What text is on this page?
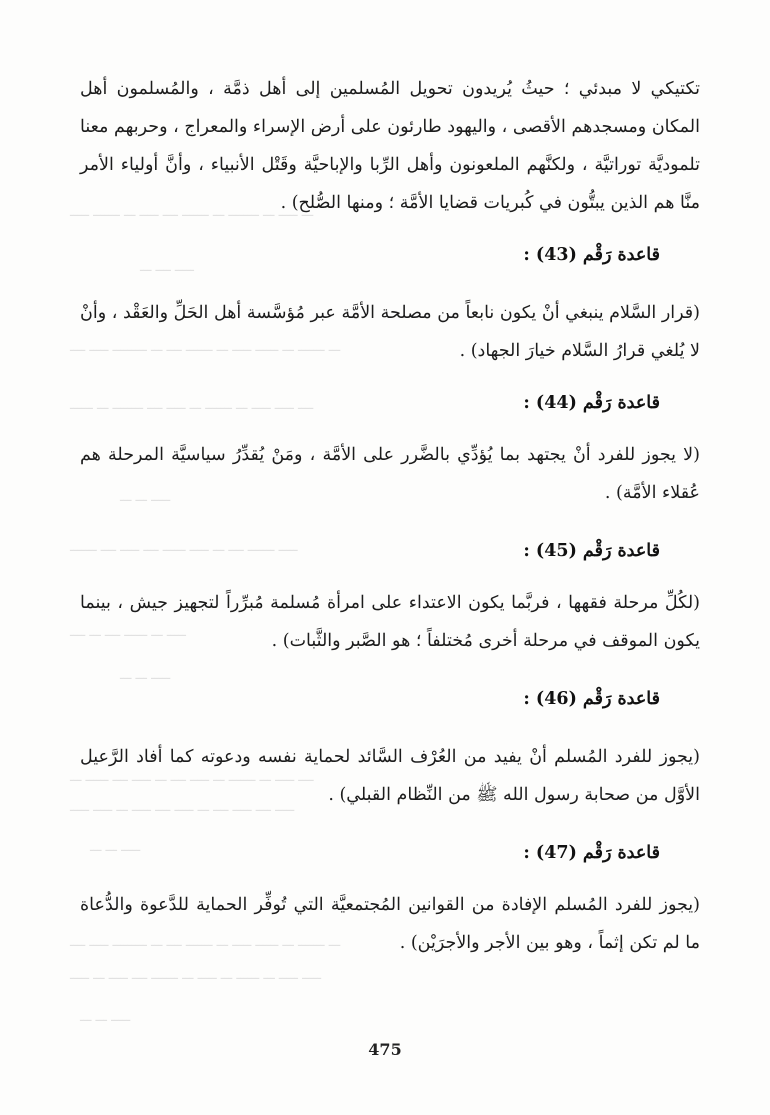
ـــ ـــــ ـــ ــــــــ ـــ ـــــــ ــــ ـــــ ـــ ـــــــ ـــــ
ـــــ ــــ ـــ
ـــ ـــــــ ـــ ــــــ ـــــ ـــ ـــــــ ــــ ـــ ـــــــــ ـــــ ــــ
ــــ ـــــ ـــــ ـــ ـــــــ ـــ ـــــ ــــ ــــــــ ـــ ــــــ
ـــــ ـــ ـــ
ـــــ ـــــــ ــــ ـــ ـــــ ــــــ ــــ ـــــ ــــ ـــــــ
ـــــ ـــ ــــــ ــــ ـــ ــــ
ـــــ ـــ ـــ
ــــ ـــــ ـــ ـــــــ ـــ ـــــ ــــ ـــ ـــــ ــــ ــــــ ـــ
ـــــ ــــ ـــــ ــــ ـــ ـــــ ــــ ـــــ ـــ ـــــ ـــــ
ـــــ ـــ ـــ
ـــ ـــــــ ـــ ــــــ ـــــ ـــ ـــــــ ــــ ـــ ـــــــــ ـــــ ــــ
ـــــ ـــــ ـــ ــــــ ـــ ـــــ ـــ ـــــــ ــــ ـــــ ـــ ـــــ
ـــــ ـــ ـــ

تكتيكي لا مبدئي ؛ حيثُ يُريدون تحويل المُسلمين إلى أهل ذمَّة ، والمُسلمون أهل المكان ومسجدهم الأقصى ، واليهود طارئون على أرض الإسراء والمعراج ، وحربهم معنا تلموديَّة توراتيَّة ، ولكنَّهم الملعونون وأهل الرِّبا والإباحيَّة وقَتْل الأنبياء ، وأنَّ أولياء الأمر منَّا هم الذين يبتُّون في كُبريات قضايا الأمَّة ؛ ومنها الصُّلح) .

قاعدة رَقْم (43) :

(قرار السَّلام ينبغي أنْ يكون نابعاً من مصلحة الأمَّة عبر مُؤسَّسة أهل الحَلِّ والعَقْد ، وأنْ لا يُلغي قرارُ السَّلام خيارَ الجهاد) .

قاعدة رَقْم (44) :

(لا يجوز للفرد أنْ يجتهد بما يُؤدِّي بالضَّرر على الأمَّة ، ومَنْ يُقدِّرُ سياسيَّة المرحلة هم عُقلاء الأمَّة) .

قاعدة رَقْم (45) :

(لكُلِّ مرحلة فقهها ، فربَّما يكون الاعتداء على امرأة مُسلمة مُبرِّراً لتجهيز جيش ، بينما يكون الموقف في مرحلة أخرى مُختلفاً ؛ هو الصَّبر والثَّبات) .

قاعدة رَقْم (46) :

(يجوز للفرد المُسلم أنْ يفيد من العُرْف السَّائد لحماية نفسه ودعوته كما أفاد الرَّعيل الأوَّل من صحابة رسول الله ﷺ من النِّظام القبلي) .

قاعدة رَقْم (47) :

(يجوز للفرد المُسلم الإفادة من القوانين المُجتمعيَّة التي تُوفِّر الحماية للدَّعوة والدُّعاة ما لم تكن إثماً ، وهو بين الأجر والأجرَيْن) .

475
